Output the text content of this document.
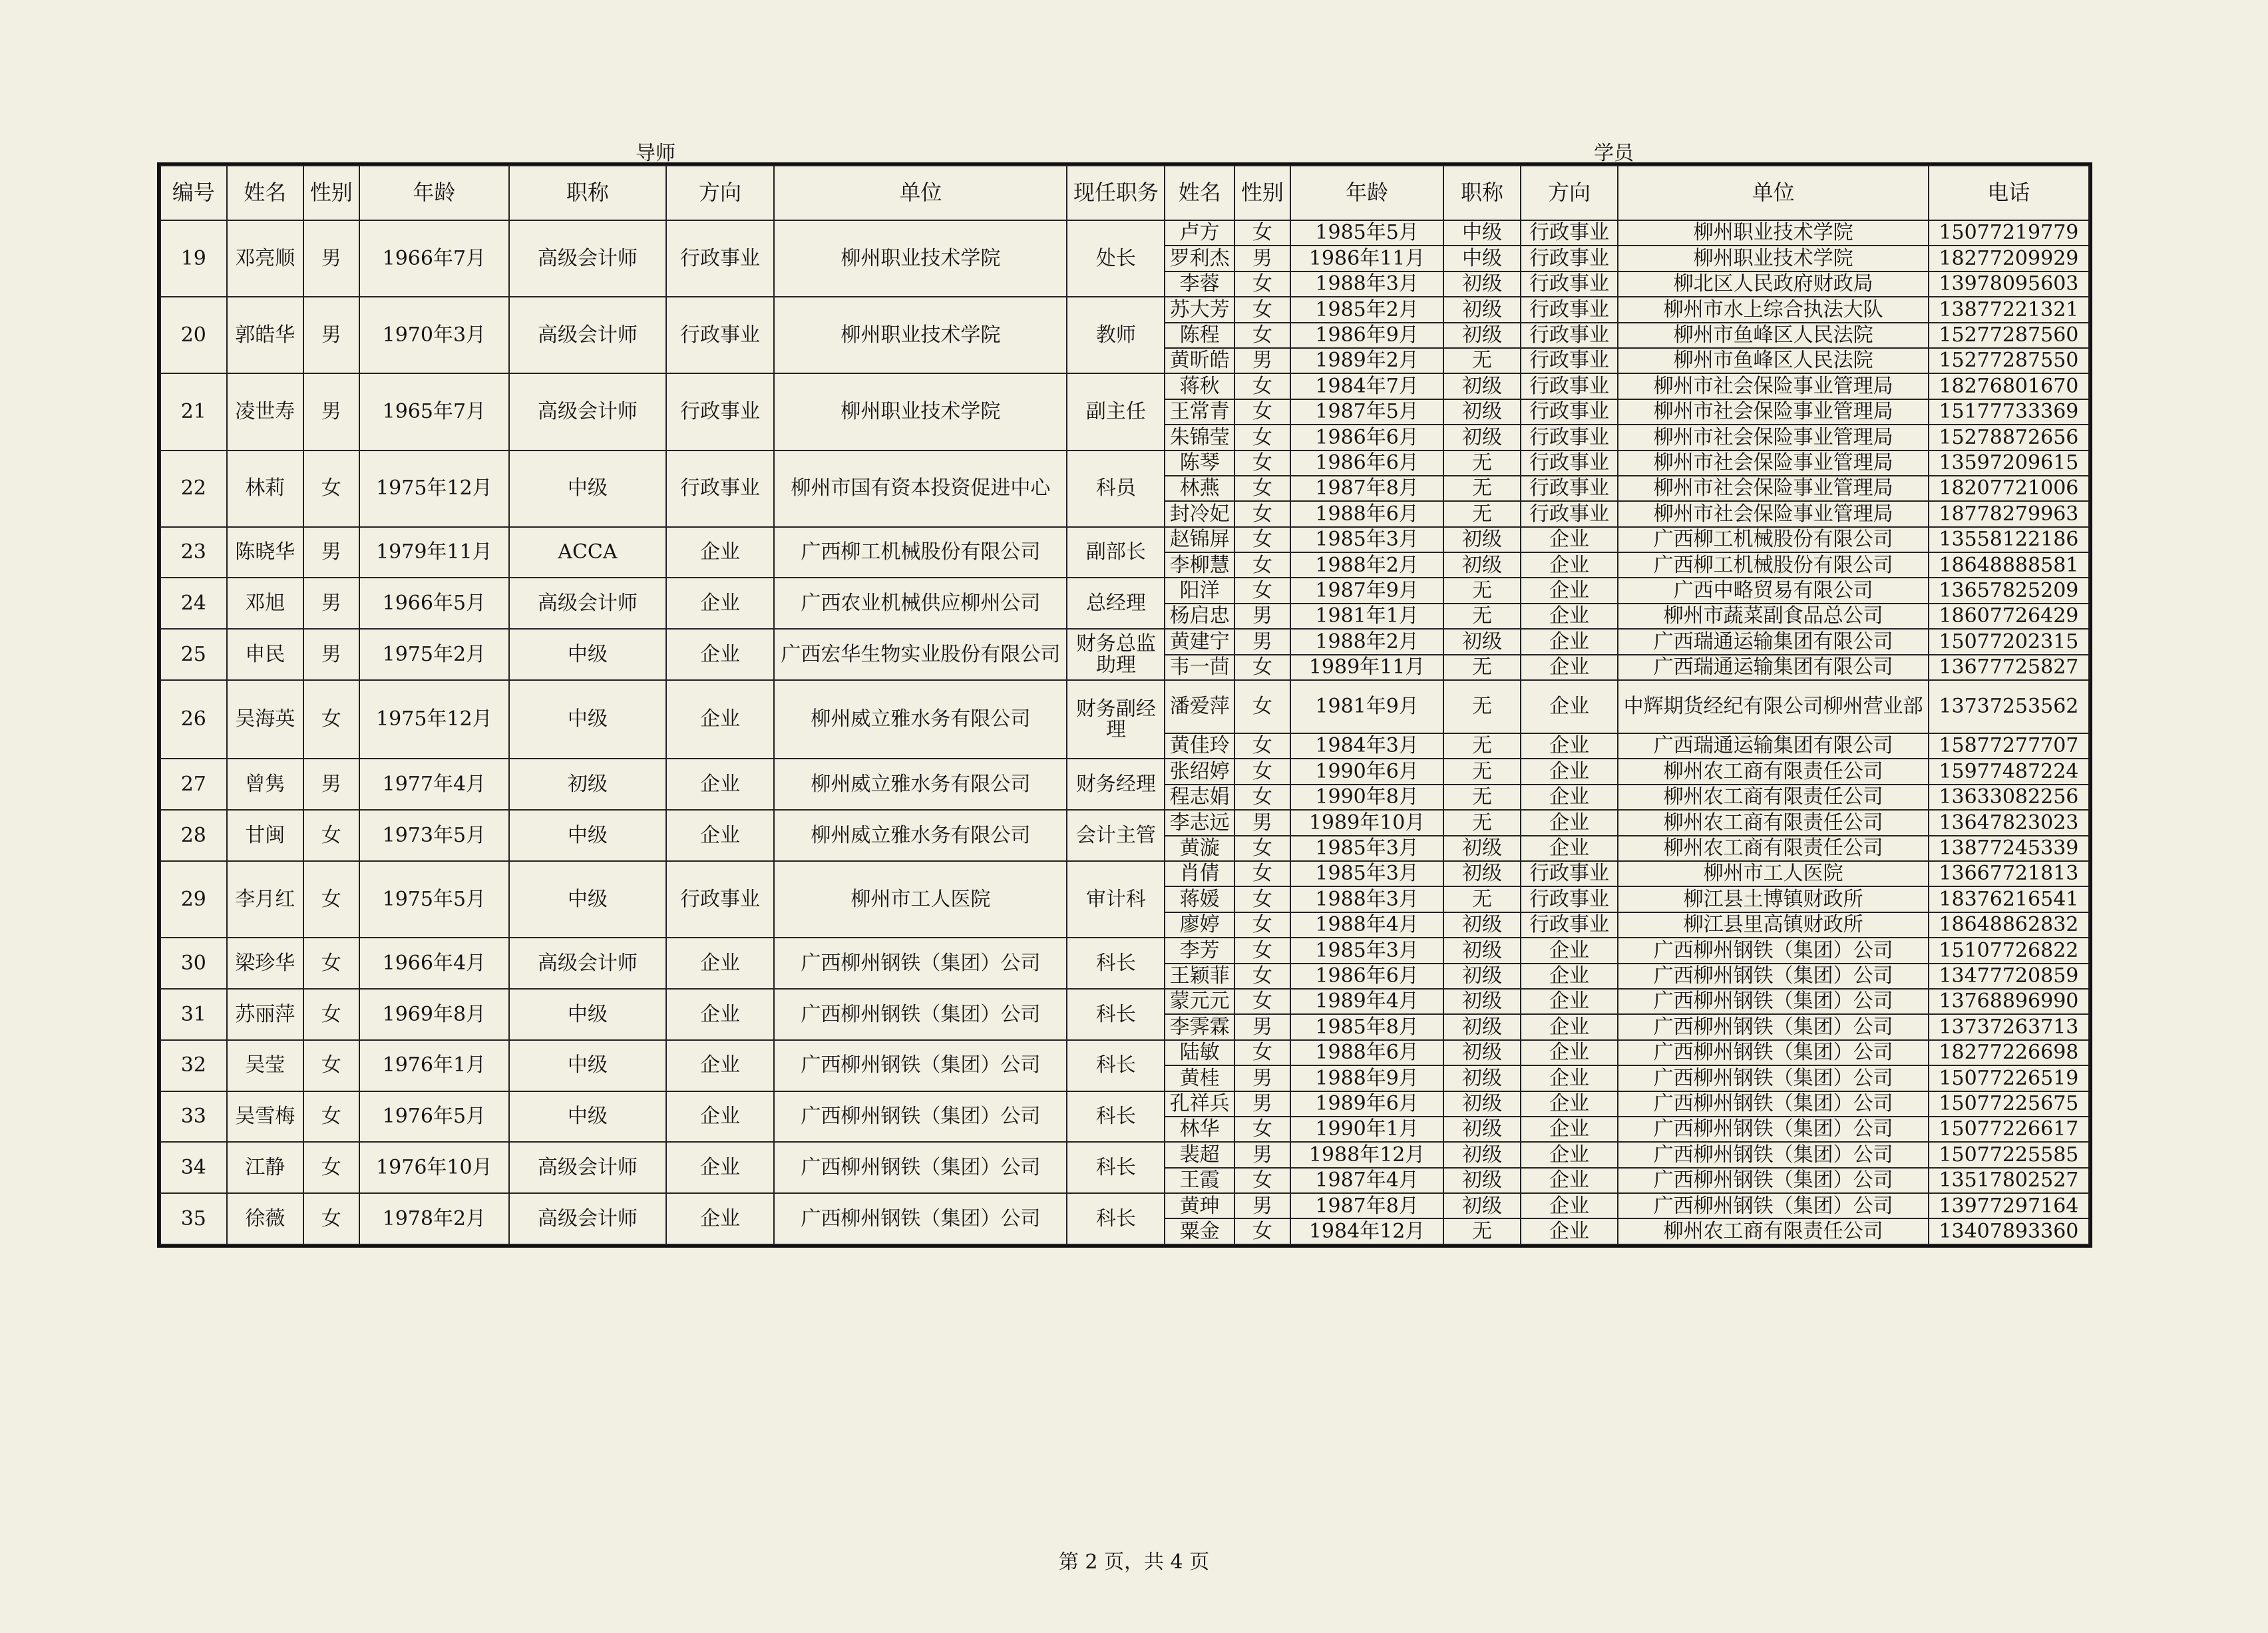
导师	学员
编号	姓名	性别	年龄	职称	方向	单位	现任职务	姓名	性别	年龄	职称	方向	单位	电话
19	邓亮顺	男	1966年7月	高级会计师	行政事业	柳州职业技术学院	处长	卢方	女	1985年5月	中级	行政事业	柳州职业技术学院	15077219779
								罗利杰	男	1986年11月	中级	行政事业	柳州职业技术学院	18277209929
								李蓉	女	1988年3月	初级	行政事业	柳北区人民政府财政局	13978095603
20	郭皓华	男	1970年3月	高级会计师	行政事业	柳州职业技术学院	教师	苏大芳	女	1985年2月	初级	行政事业	柳州市水上综合执法大队	13877221321
								陈程	女	1986年9月	初级	行政事业	柳州市鱼峰区人民法院	15277287560
								黄昕皓	男	1989年2月	无	行政事业	柳州市鱼峰区人民法院	15277287550
21	凌世寿	男	1965年7月	高级会计师	行政事业	柳州职业技术学院	副主任	蒋秋	女	1984年7月	初级	行政事业	柳州市社会保险事业管理局	18276801670
								王常青	女	1987年5月	初级	行政事业	柳州市社会保险事业管理局	15177733369
								朱锦莹	女	1986年6月	初级	行政事业	柳州市社会保险事业管理局	15278872656
22	林莉	女	1975年12月	中级	行政事业	柳州市国有资本投资促进中心	科员	陈琴	女	1986年6月	无	行政事业	柳州市社会保险事业管理局	13597209615
								林燕	女	1987年8月	无	行政事业	柳州市社会保险事业管理局	18207721006
								封冷妃	女	1988年6月	无	行政事业	柳州市社会保险事业管理局	18778279963
23	陈晓华	男	1979年11月	ACCA	企业	广西柳工机械股份有限公司	副部长	赵锦屏	女	1985年3月	初级	企业	广西柳工机械股份有限公司	13558122186
								李柳慧	女	1988年2月	初级	企业	广西柳工机械股份有限公司	18648888581
24	邓旭	男	1966年5月	高级会计师	企业	广西农业机械供应柳州公司	总经理	阳洋	女	1987年9月	无	企业	广西中略贸易有限公司	13657825209
								杨启忠	男	1981年1月	无	企业	柳州市蔬菜副食品总公司	18607726429
25	申民	男	1975年2月	中级	企业	广西宏华生物实业股份有限公司	财务总监助理	黄建宁	男	1988年2月	初级	企业	广西瑞通运输集团有限公司	15077202315
								韦一茴	女	1989年11月	无	企业	广西瑞通运输集团有限公司	13677725827
26	吴海英	女	1975年12月	中级	企业	柳州威立雅水务有限公司	财务副经理	潘爱萍	女	1981年9月	无	企业	中辉期货经纪有限公司柳州营业部	13737253562
								黄佳玲	女	1984年3月	无	企业	广西瑞通运输集团有限公司	15877277707
27	曾隽	男	1977年4月	初级	企业	柳州威立雅水务有限公司	财务经理	张绍婷	女	1990年6月	无	企业	柳州农工商有限责任公司	15977487224
								程志娟	女	1990年8月	无	企业	柳州农工商有限责任公司	13633082256
28	甘闽	女	1973年5月	中级	企业	柳州威立雅水务有限公司	会计主管	李志远	男	1989年10月	无	企业	柳州农工商有限责任公司	13647823023
								黄漩	女	1985年3月	初级	企业	柳州农工商有限责任公司	13877245339
29	李月红	女	1975年5月	中级	行政事业	柳州市工人医院	审计科	肖倩	女	1985年3月	初级	行政事业	柳州市工人医院	13667721813
								蒋媛	女	1988年3月	无	行政事业	柳江县土博镇财政所	18376216541
								廖婷	女	1988年4月	初级	行政事业	柳江县里高镇财政所	18648862832
30	梁珍华	女	1966年4月	高级会计师	企业	广西柳州钢铁（集团）公司	科长	李芳	女	1985年3月	初级	企业	广西柳州钢铁（集团）公司	15107726822
								王颖菲	女	1986年6月	初级	企业	广西柳州钢铁（集团）公司	13477720859
31	苏丽萍	女	1969年8月	中级	企业	广西柳州钢铁（集团）公司	科长	蒙元元	女	1989年4月	初级	企业	广西柳州钢铁（集团）公司	13768896990
								李霁霖	男	1985年8月	初级	企业	广西柳州钢铁（集团）公司	13737263713
32	吴莹	女	1976年1月	中级	企业	广西柳州钢铁（集团）公司	科长	陆敏	女	1988年6月	初级	企业	广西柳州钢铁（集团）公司	18277226698
								黄桂	男	1988年9月	初级	企业	广西柳州钢铁（集团）公司	15077226519
33	吴雪梅	女	1976年5月	中级	企业	广西柳州钢铁（集团）公司	科长	孔祥兵	男	1989年6月	初级	企业	广西柳州钢铁（集团）公司	15077225675
								林华	女	1990年1月	初级	企业	广西柳州钢铁（集团）公司	15077226617
34	江静	女	1976年10月	高级会计师	企业	广西柳州钢铁（集团）公司	科长	裴超	男	1988年12月	初级	企业	广西柳州钢铁（集团）公司	15077225585
								王霞	女	1987年4月	初级	企业	广西柳州钢铁（集团）公司	13517802527
35	徐薇	女	1978年2月	高级会计师	企业	广西柳州钢铁（集团）公司	科长	黄珅	男	1987年8月	初级	企业	广西柳州钢铁（集团）公司	13977297164
								粟金	女	1984年12月	无	企业	柳州农工商有限责任公司	13407893360
第 2 页，共 4 页
